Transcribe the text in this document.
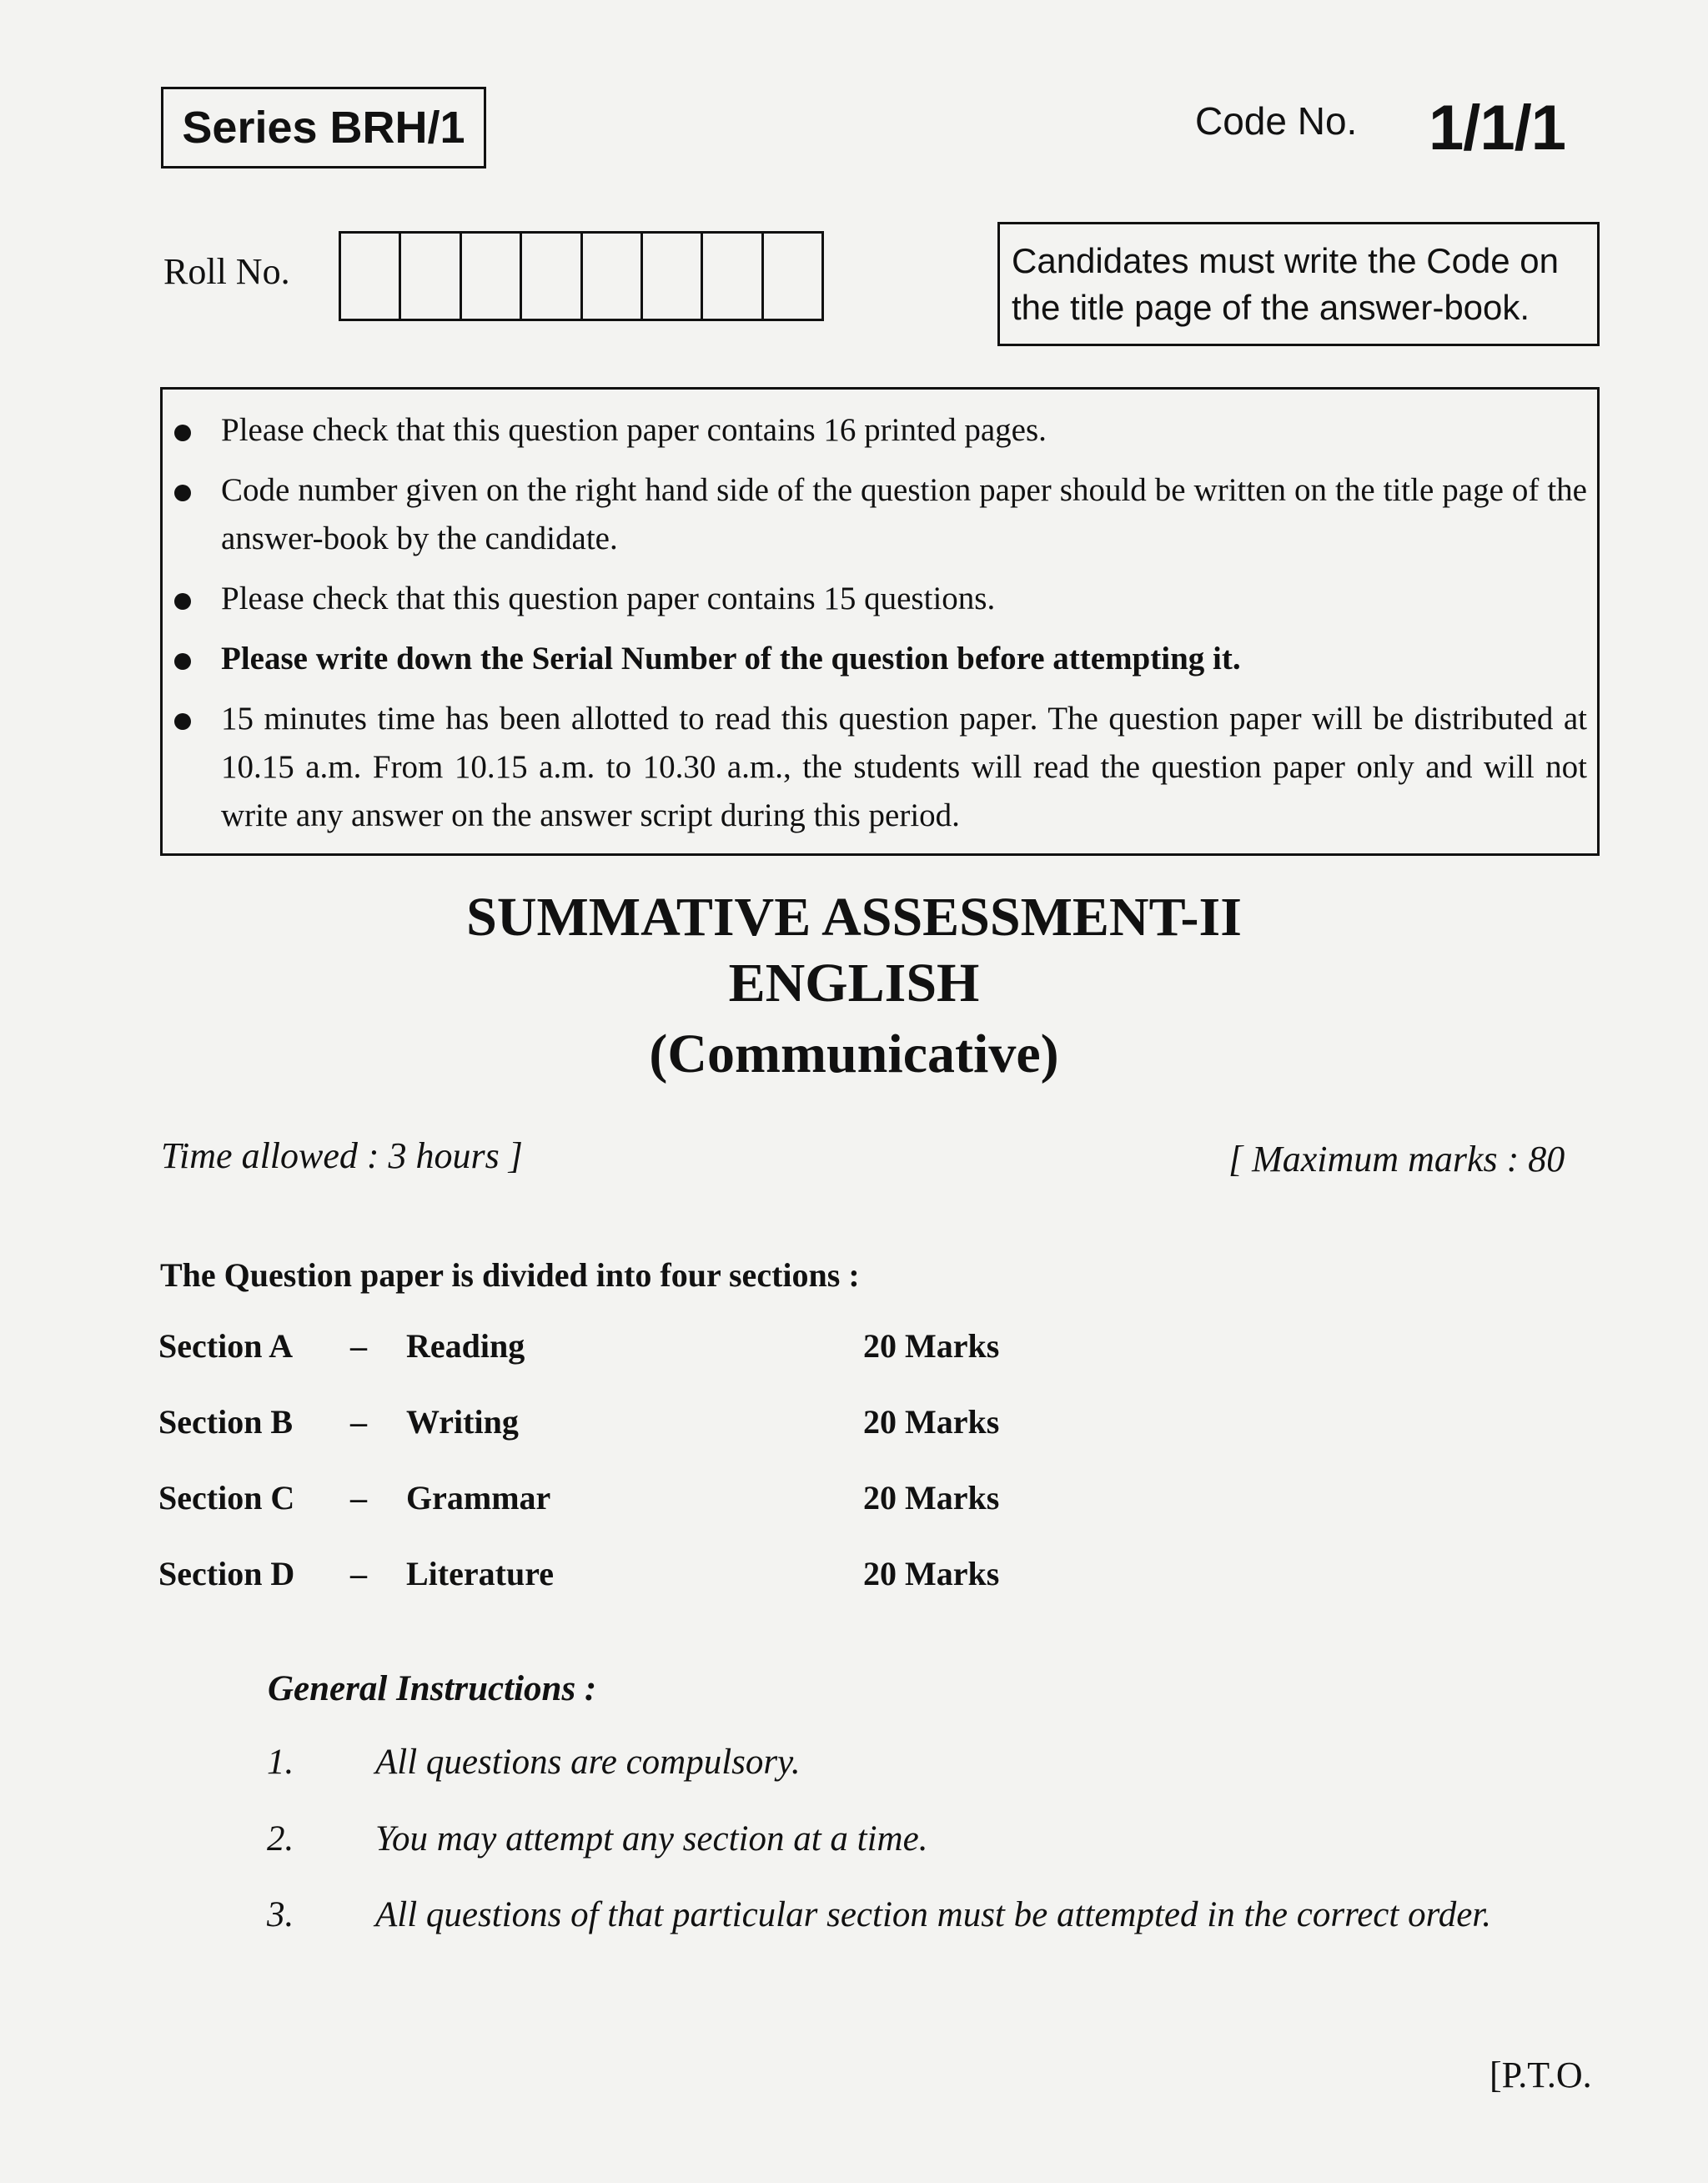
Series BRH/1	Code No. 1/1/1
Roll No.	Candidates must write the Code on the title page of the answer-book.
Please check that this question paper contains 16 printed pages.
Code number given on the right hand side of the question paper should be written on the title page of the answer-book by the candidate.
Please check that this question paper contains 15 questions.
Please write down the Serial Number of the question before attempting it.
15 minutes time has been allotted to read this question paper. The question paper will be distributed at 10.15 a.m. From 10.15 a.m. to 10.30 a.m., the students will read the question paper only and will not write any answer on the answer script during this period.
SUMMATIVE ASSESSMENT-II
ENGLISH
(Communicative)
Time allowed : 3 hours ]	[ Maximum marks : 80
The Question paper is divided into four sections :
Section A – Reading	20 Marks
Section B – Writing	20 Marks
Section C – Grammar	20 Marks
Section D – Literature	20 Marks
General Instructions :
1. All questions are compulsory.
2. You may attempt any section at a time.
3. All questions of that particular section must be attempted in the correct order.
[P.T.O.
